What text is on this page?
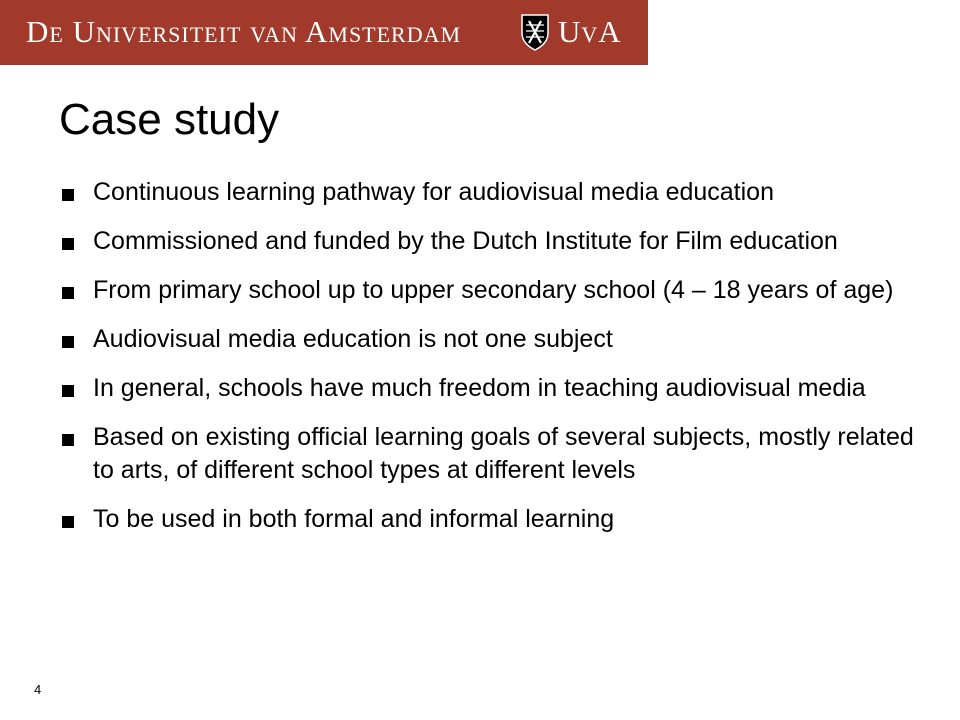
De Universiteit van Amsterdam	UvA
Case study
Continuous learning pathway for audiovisual media education
Commissioned and funded by the Dutch Institute for Film education
From primary school up to upper secondary school (4 – 18 years of age)
Audiovisual media education is not one subject
In general, schools have much freedom in teaching audiovisual media
Based on existing official learning goals of several subjects, mostly related to arts, of different school types at different levels
To be used in both formal and informal learning
4
